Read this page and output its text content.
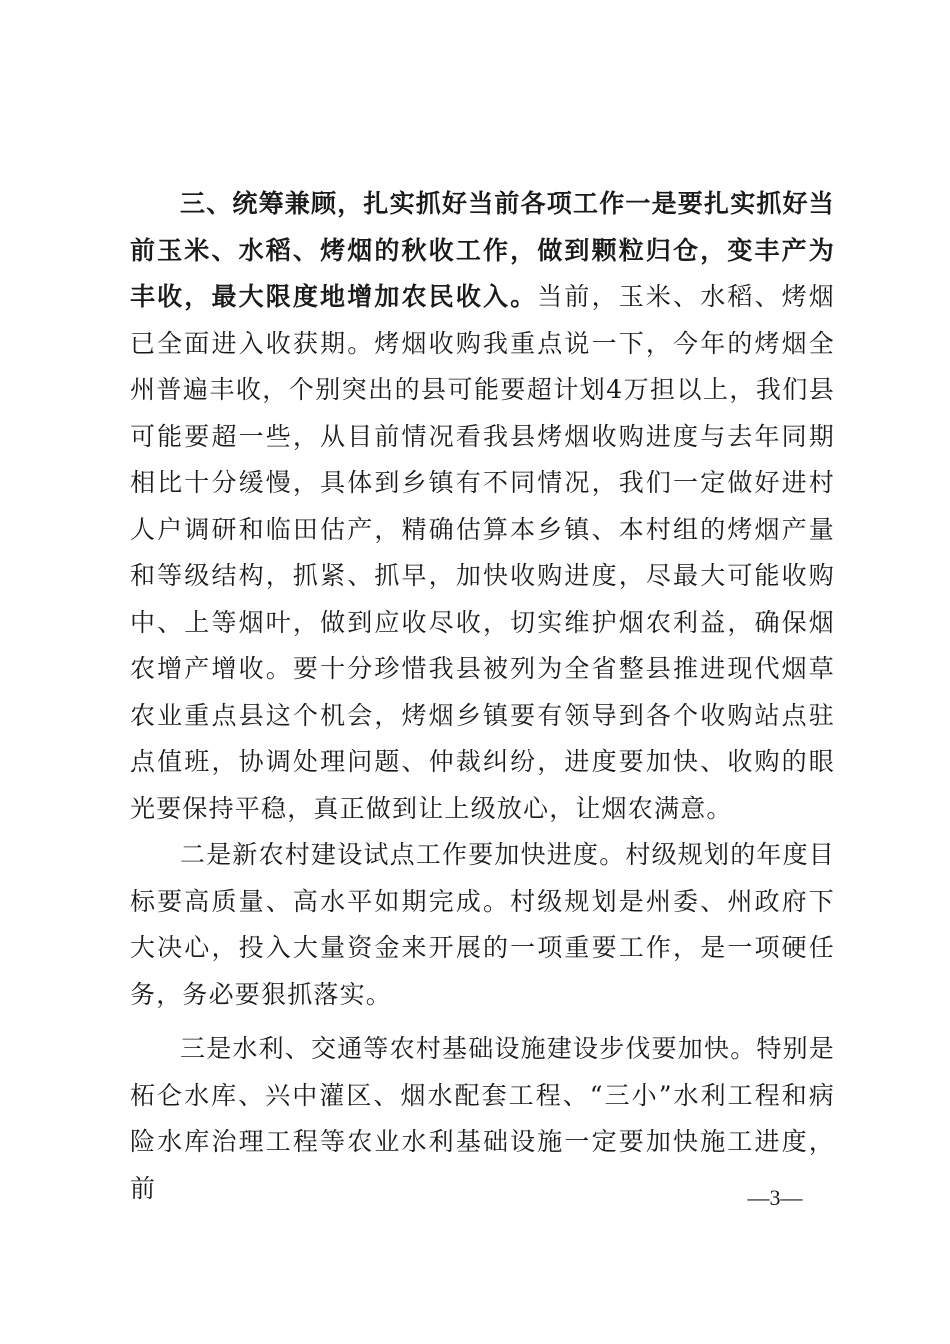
三、统筹兼顾，扎实抓好当前各项工作一是要扎实抓好当前玉米、水稻、烤烟的秋收工作，做到颗粒归仓，变丰产为丰收，最大限度地增加农民收入。当前，玉米、水稻、烤烟已全面进入收获期。烤烟收购我重点说一下，今年的烤烟全州普遍丰收，个别突出的县可能要超计划4万担以上，我们县可能要超一些，从目前情况看我县烤烟收购进度与去年同期相比十分缓慢，具体到乡镇有不同情况，我们一定做好进村人户调研和临田估产，精确估算本乡镇、本村组的烤烟产量和等级结构，抓紧、抓早，加快收购进度，尽最大可能收购中、上等烟叶，做到应收尽收，切实维护烟农利益，确保烟农增产增收。要十分珍惜我县被列为全省整县推进现代烟草农业重点县这个机会，烤烟乡镇要有领导到各个收购站点驻点值班，协调处理问题、仲裁纠纷，进度要加快、收购的眼光要保持平稳，真正做到让上级放心，让烟农满意。

二是新农村建设试点工作要加快进度。村级规划的年度目标要高质量、高水平如期完成。村级规划是州委、州政府下大决心，投入大量资金来开展的一项重要工作，是一项硬任务，务必要狠抓落实。

三是水利、交通等农村基础设施建设步伐要加快。特别是柘仑水库、兴中灌区、烟水配套工程、“三小”水利工程和病险水库治理工程等农业水利基础设施一定要加快施工进度，前	—3—
